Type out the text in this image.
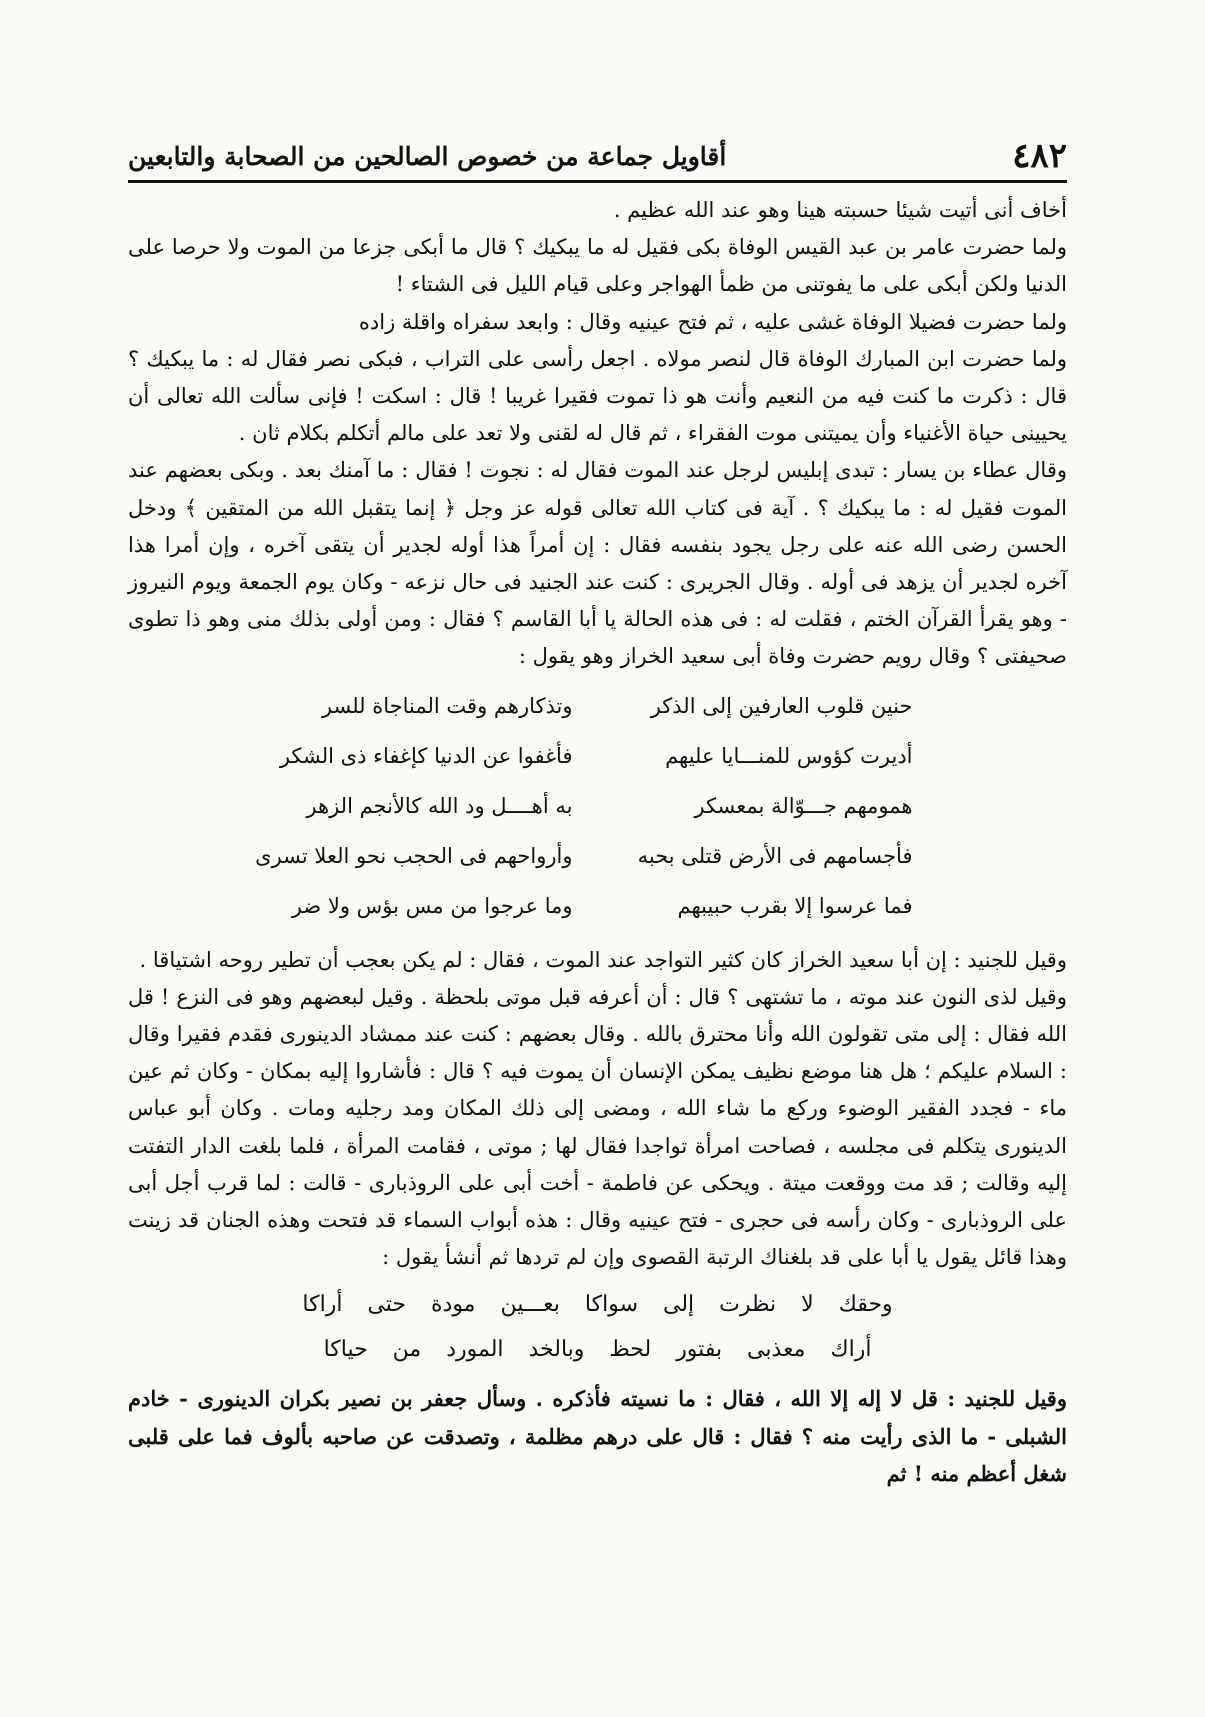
٤٨٢
أقاويل جماعة من خصوص الصالحين من الصحابة والتابعين

أخاف أنى أتيت شيئا حسبته هينا وهو عند الله عظيم .

ولما حضرت عامر بن عبد القيس الوفاة بكى فقيل له ما يبكيك ؟ قال ما أبكى جزعا من الموت ولا حرصا على الدنيا ولكن أبكى على ما يفوتنى من ظمأ الهواجر وعلى قيام الليل فى الشتاء !

ولما حضرت فضيلا الوفاة غشى عليه ، ثم فتح عينيه وقال : وابعد سفراه واقلة زاده

ولما حضرت ابن المبارك الوفاة قال لنصر مولاه . اجعل رأسى على التراب ، فبكى نصر فقال له : ما يبكيك ؟ قال : ذكرت ما كنت فيه من النعيم وأنت هو ذا تموت فقيرا غريبا ! قال : اسكت ! فإنى سألت الله تعالى أن يحيينى حياة الأغنياء وأن يميتنى موت الفقراء ، ثم قال له لقنى ولا تعد على مالم أتكلم بكلام ثان .

وقال عطاء بن يسار : تبدى إبليس لرجل عند الموت فقال له : نجوت ! فقال : ما آمنك بعد . وبكى بعضهم عند الموت فقيل له : ما يبكيك ؟ . آية فى كتاب الله تعالى قوله عز وجل ﴿ إنما يتقبل الله من المتقين ﴾ ودخل الحسن رضى الله عنه على رجل يجود بنفسه فقال : إن أمراً هذا أوله لجدير أن يتقى آخره ، وإن أمرا هذا آخره لجدير أن يزهد فى أوله . وقال الجريرى : كنت عند الجنيد فى حال نزعه - وكان يوم الجمعة ويوم النيروز - وهو يقرأ القرآن الختم ، فقلت له : فى هذه الحالة يا أبا القاسم ؟ فقال : ومن أولى بذلك منى وهو ذا تطوى صحيفتى ؟ وقال رويم حضرت وفاة أبى سعيد الخراز وهو يقول :

حنين قلوب العارفين إلى الذكر
وتذكارهم وقت المناجاة للسر
أديرت كؤوس للمنـــايا عليهم
فأغفوا عن الدنيا كإغفاء ذى الشكر
همومهم جـــوّالة بمعسكر
به أهــــل ود الله كالأنجم الزهر
فأجسامهم فى الأرض قتلى بحبه
وأرواحهم فى الحجب نحو العلا تسرى
فما عرسوا إلا بقرب حبيبهم
وما عرجوا من مس بؤس ولا ضر

وقيل للجنيد : إن أبا سعيد الخراز كان كثير التواجد عند الموت ، فقال : لم يكن بعجب أن تطير روحه اشتياقا .

وقيل لذى النون عند موته ، ما تشتهى ؟ قال : أن أعرفه قبل موتى بلحظة . وقيل لبعضهم وهو فى النزع ! قل الله فقال : إلى متى تقولون الله وأنا محترق بالله . وقال بعضهم : كنت عند ممشاد الدينورى فقدم فقيرا وقال : السلام عليكم ؛ هل هنا موضع نظيف يمكن الإنسان أن يموت فيه ؟ قال : فأشاروا إليه بمكان - وكان ثم عين ماء - فجدد الفقير الوضوء وركع ما شاء الله ، ومضى إلى ذلك المكان ومد رجليه ومات . وكان أبو عباس الدينورى يتكلم فى مجلسه ، فصاحت امرأة تواجدا فقال لها ; موتى ، فقامت المرأة ، فلما بلغت الدار التفتت إليه وقالت ; قد مت ووقعت ميتة . ويحكى عن فاطمة - أخت أبى على الروذبارى - قالت : لما قرب أجل أبى على الروذبارى - وكان رأسه فى حجرى - فتح عينيه وقال : هذه أبواب السماء قد فتحت وهذه الجنان قد زينت وهذا قائل يقول يا أبا على قد بلغناك الرتبة القصوى وإن لم تردها ثم أنشأ يقول :

وحقك لا نظرت إلى سواكا بعـــين مودة حتى أراكا
أراك معذبى بفتور لحظ وبالخد المورد من حياكا

وقيل للجنيد : قل لا إله إلا الله ، فقال : ما نسيته فأذكره . وسأل جعفر بن نصير بكران الدينورى - خادم الشبلى - ما الذى رأيت منه ؟ فقال : قال على درهم مظلمة ، وتصدقت عن صاحبه بألوف فما على قلبى شغل أعظم منه ! ثم
